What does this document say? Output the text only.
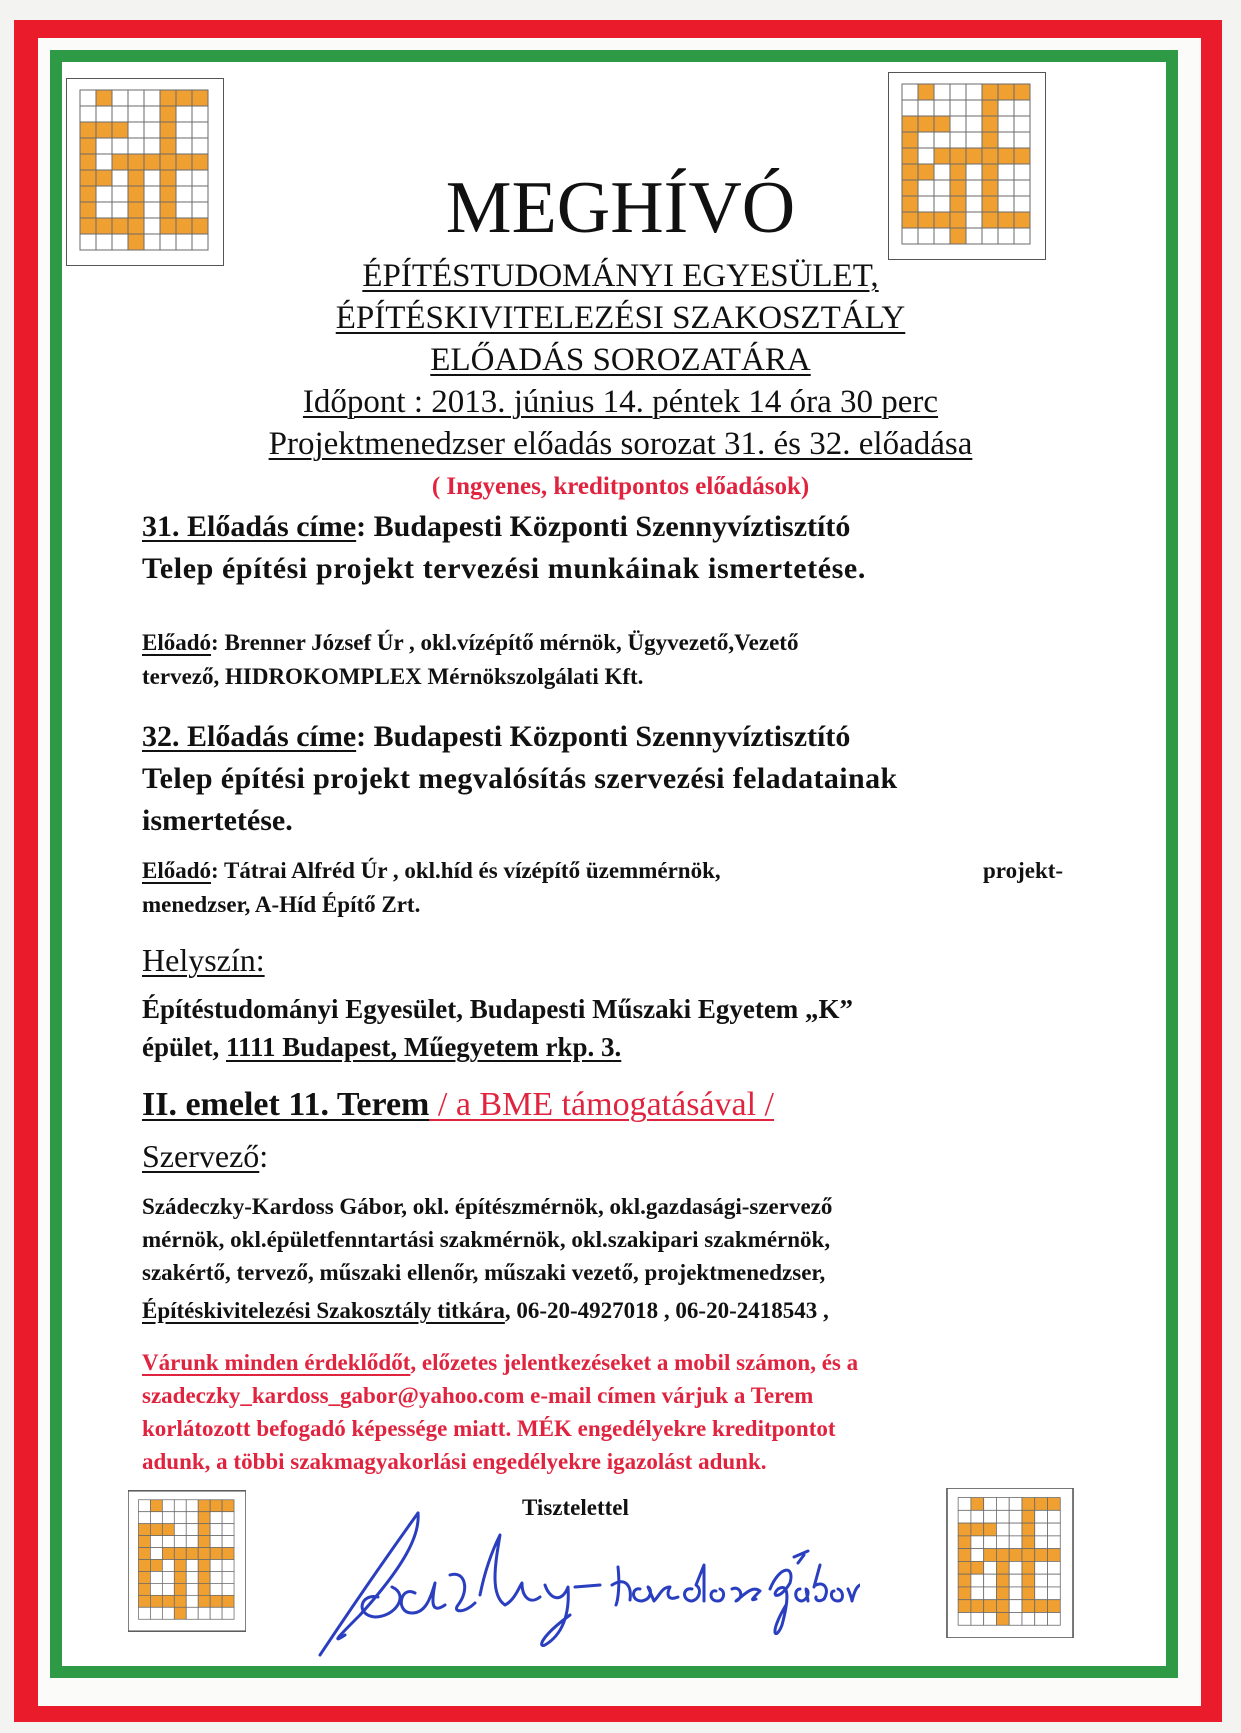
MEGHÍVÓ
ÉPÍTÉSTUDOMÁNYI EGYESÜLET,
ÉPÍTÉSKIVITELEZÉSI SZAKOSZTÁLY
ELŐADÁS SOROZATÁRA
Időpont : 2013. június 14. péntek 14 óra 30 perc
Projektmenedzser előadás sorozat 31. és 32. előadása
( Ingyenes, kreditpontos előadások)
31. Előadás címe: Budapesti Központi Szennyvíztisztító
Telep építési projekt tervezési munkáinak ismertetése.
Előadó: Brenner József Úr , okl.vízépítő mérnök, Ügyvezető,Vezető
tervező, HIDROKOMPLEX Mérnökszolgálati Kft.
32. Előadás címe: Budapesti Központi Szennyvíztisztító
Telep építési projekt megvalósítás szervezési feladatainak
ismertetése.
Előadó: Tátrai Alfréd Úr , okl.híd és vízépítő üzemmérnök,	projekt-
menedzser, A-Híd Építő Zrt.
Helyszín:
Építéstudományi Egyesület, Budapesti Műszaki Egyetem „K”
épület, 1111 Budapest, Műegyetem rkp. 3.
II. emelet 11. Terem / a BME támogatásával /
Szervező:
Szádeczky-Kardoss Gábor, okl. építészmérnök, okl.gazdasági-szervező
mérnök, okl.épületfenntartási szakmérnök, okl.szakipari szakmérnök,
szakértő, tervező, műszaki ellenőr, műszaki vezető, projektmenedzser,
Építéskivitelezési Szakosztály titkára, 06-20-4927018 , 06-20-2418543 ,
Várunk minden érdeklődőt, előzetes jelentkezéseket a mobil számon, és a
szadeczky_kardoss_gabor@yahoo.com e-mail címen várjuk a Terem
korlátozott befogadó képessége miatt. MÉK engedélyekre kreditpontot
adunk, a többi szakmagyakorlási engedélyekre igazolást adunk.
Tisztelettel
